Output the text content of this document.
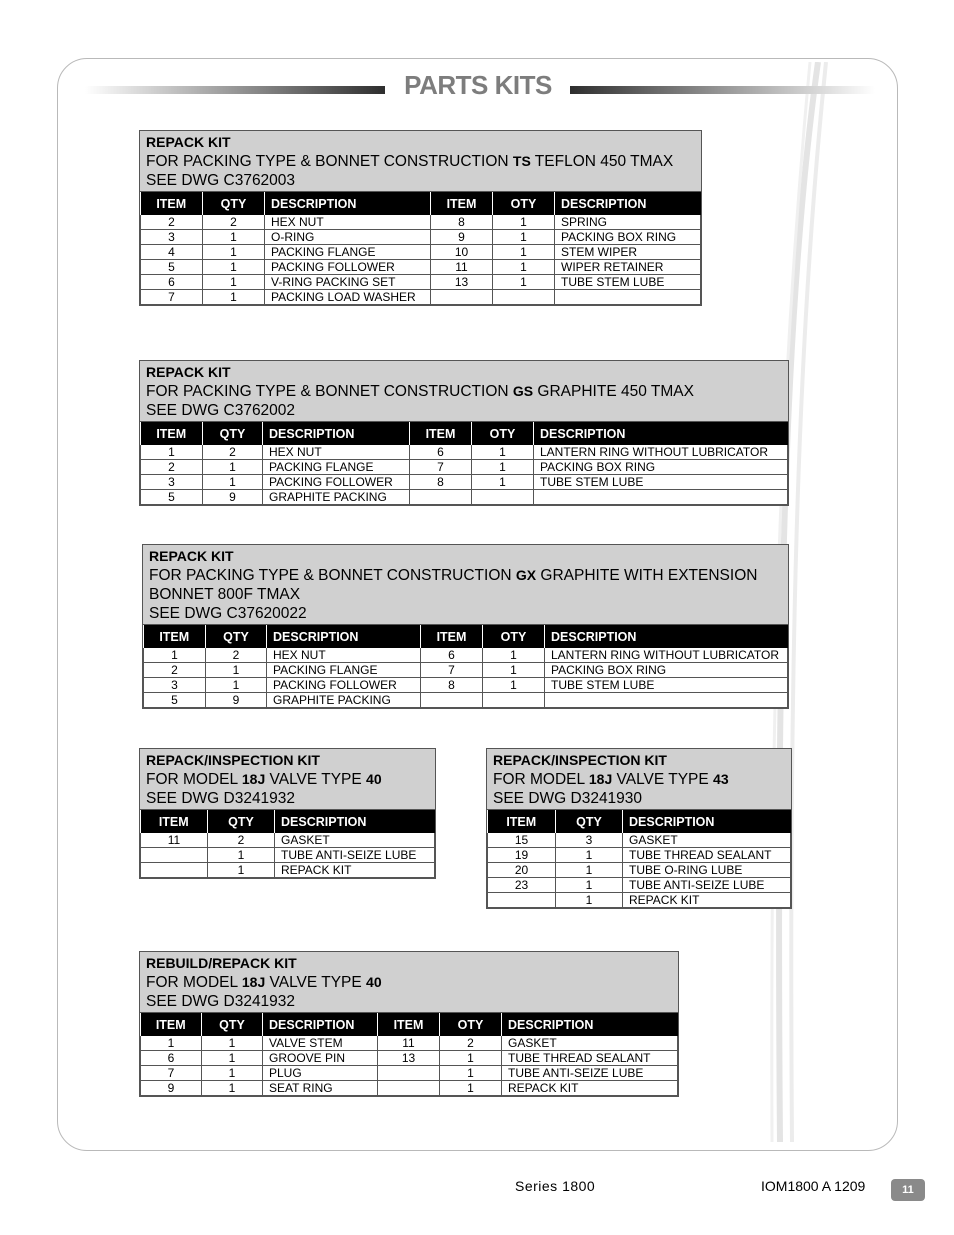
PARTS KITS
REPACK KIT
FOR PACKING TYPE & BONNET CONSTRUCTION TS TEFLON 450 TMAX
SEE DWG C3762003
ITEM	QTY	DESCRIPTION	ITEM	OTY	DESCRIPTION
2	2	HEX NUT	8	1	SPRING
3	1	O-RING	9	1	PACKING BOX RING
4	1	PACKING FLANGE	10	1	STEM WIPER
5	1	PACKING FOLLOWER	11	1	WIPER RETAINER
6	1	V-RING PACKING SET	13	1	TUBE STEM LUBE
7	1	PACKING LOAD WASHER			
REPACK KIT
FOR PACKING TYPE & BONNET CONSTRUCTION GS GRAPHITE 450 TMAX
SEE DWG C3762002
ITEM	QTY	DESCRIPTION	ITEM	OTY	DESCRIPTION
1	2	HEX NUT	6	1	LANTERN RING WITHOUT LUBRICATOR
2	1	PACKING FLANGE	7	1	PACKING BOX RING
3	1	PACKING FOLLOWER	8	1	TUBE STEM LUBE
5	9	GRAPHITE PACKING			
REPACK KIT
FOR PACKING TYPE & BONNET CONSTRUCTION GX GRAPHITE WITH EXTENSION
BONNET 800F TMAX
SEE DWG C37620022
ITEM	QTY	DESCRIPTION	ITEM	OTY	DESCRIPTION
1	2	HEX NUT	6	1	LANTERN RING WITHOUT LUBRICATOR
2	1	PACKING FLANGE	7	1	PACKING BOX RING
3	1	PACKING FOLLOWER	8	1	TUBE STEM LUBE
5	9	GRAPHITE PACKING			
REPACK/INSPECTION KIT
FOR MODEL 18J VALVE TYPE 40
SEE DWG D3241932
ITEM	QTY	DESCRIPTION
11	2	GASKET
	1	TUBE ANTI-SEIZE LUBE
	1	REPACK KIT
REPACK/INSPECTION KIT
FOR MODEL 18J VALVE TYPE 43
SEE DWG D3241930
ITEM	QTY	DESCRIPTION
15	3	GASKET
19	1	TUBE THREAD SEALANT
20	1	TUBE O-RING LUBE
23	1	TUBE ANTI-SEIZE LUBE
	1	REPACK KIT
REBUILD/REPACK KIT
FOR MODEL 18J VALVE TYPE 40
SEE DWG D3241932
ITEM	QTY	DESCRIPTION	ITEM	OTY	DESCRIPTION
1	1	VALVE STEM	11	2	GASKET
6	1	GROOVE PIN	13	1	TUBE THREAD SEALANT
7	1	PLUG		1	TUBE ANTI-SEIZE LUBE
9	1	SEAT RING		1	REPACK KIT
Series 1800	IOM1800 A 1209	11
